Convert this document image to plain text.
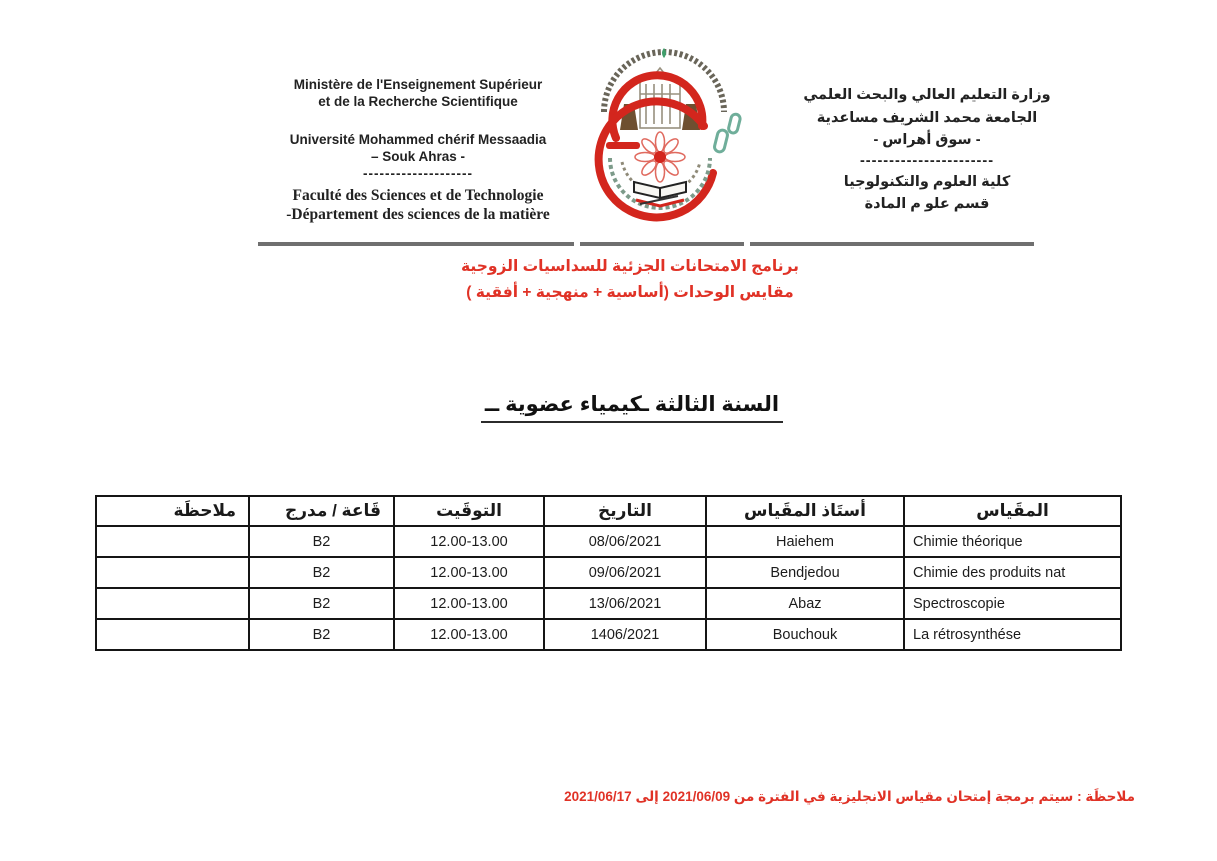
Ministère de l'Enseignement Supérieur
et de la Recherche Scientifique
Université Mohammed chérif Messaadia
– Souk Ahras -
--------------------
Faculté des Sciences et de Technologie
-Département des sciences de la matière
وزارة التعليم العالي والبحث العلمي
الجامعة محمد الشريف مساعدية
- سوق أهراس -
-----------------------
كلية العلوم والتكنولوجيا
قسم علو م المادة
برنامج الامتحانات الجزئية للسداسيات الزوجية
مقايس الوحدات (أساسية + منهجية + أفقية )
السنة الثالثة ـكيمياء عضوية ــ
المقَياس	أستَاذ المقَياس	التاريخ	التوقَيت	قَاعة / مدرج	ملاحظَة
Chimie théorique	Haiehem	08/06/2021	12.00-13.00	B2	
Chimie des produits nat	Bendjedou	09/06/2021	12.00-13.00	B2	
Spectroscopie	Abaz	13/06/2021	12.00-13.00	B2	
La rétrosynthése	Bouchouk	1406/2021	12.00-13.00	B2	
ملاحظَة : سيتم برمجة إمتحان مقياس الانجليزية في الفترة من 2021/06/09 إلى 2021/06/17
